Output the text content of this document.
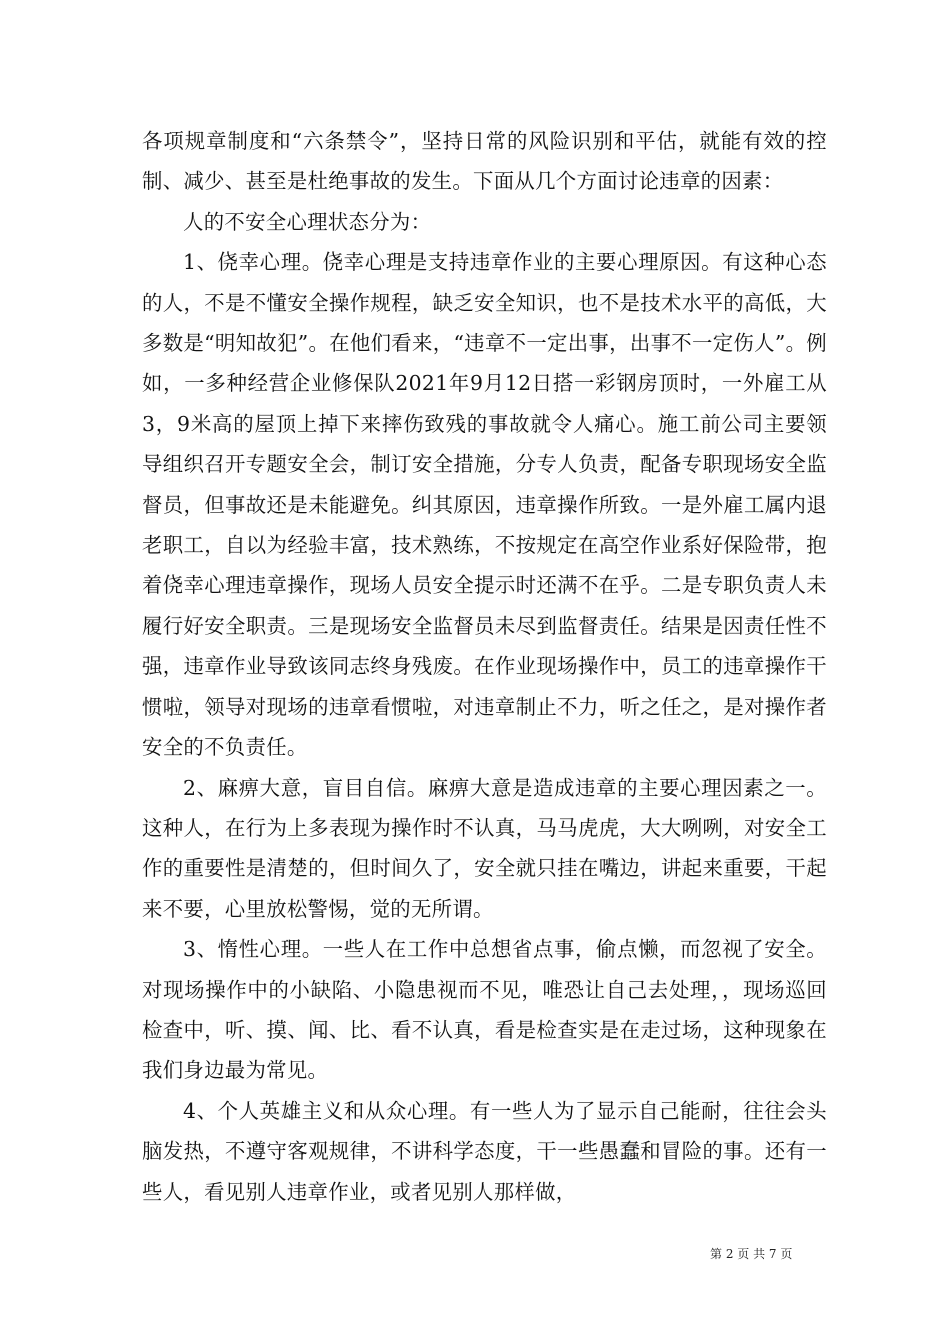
各项规章制度和“六条禁令”，坚持日常的风险识别和平估，就能有效的控制、减少、甚至是杜绝事故的发生。下面从几个方面讨论违章的因素：

人的不安全心理状态分为：

1、侥幸心理。侥幸心理是支持违章作业的主要心理原因。有这种心态的人，不是不懂安全操作规程，缺乏安全知识，也不是技术水平的高低，大多数是“明知故犯”。在他们看来，“违章不一定出事，出事不一定伤人”。例如，一多种经营企业修保队2021年9月12日搭一彩钢房顶时，一外雇工从3，9米高的屋顶上掉下来摔伤致残的事故就令人痛心。施工前公司主要领导组织召开专题安全会，制订安全措施，分专人负责，配备专职现场安全监督员，但事故还是未能避免。纠其原因，违章操作所致。一是外雇工属内退老职工，自以为经验丰富，技术熟练，不按规定在高空作业系好保险带，抱着侥幸心理违章操作，现场人员安全提示时还满不在乎。二是专职负责人未履行好安全职责。三是现场安全监督员未尽到监督责任。结果是因责任性不强，违章作业导致该同志终身残废。在作业现场操作中，员工的违章操作干惯啦，领导对现场的违章看惯啦，对违章制止不力，听之任之，是对操作者安全的不负责任。

2、麻痹大意，盲目自信。麻痹大意是造成违章的主要心理因素之一。这种人，在行为上多表现为操作时不认真，马马虎虎，大大咧咧，对安全工作的重要性是清楚的，但时间久了，安全就只挂在嘴边，讲起来重要，干起来不要，心里放松警惕，觉的无所谓。

3、惰性心理。一些人在工作中总想省点事，偷点懒，而忽视了安全。对现场操作中的小缺陷、小隐患视而不见，唯恐让自己去处理，，现场巡回检查中，听、摸、闻、比、看不认真，看是检查实是在走过场，这种现象在我们身边最为常见。

4、个人英雄主义和从众心理。有一些人为了显示自己能耐，往往会头脑发热，不遵守客观规律，不讲科学态度，干一些愚蠢和冒险的事。还有一些人，看见别人违章作业，或者见别人那样做，

第 2 页 共 7 页
